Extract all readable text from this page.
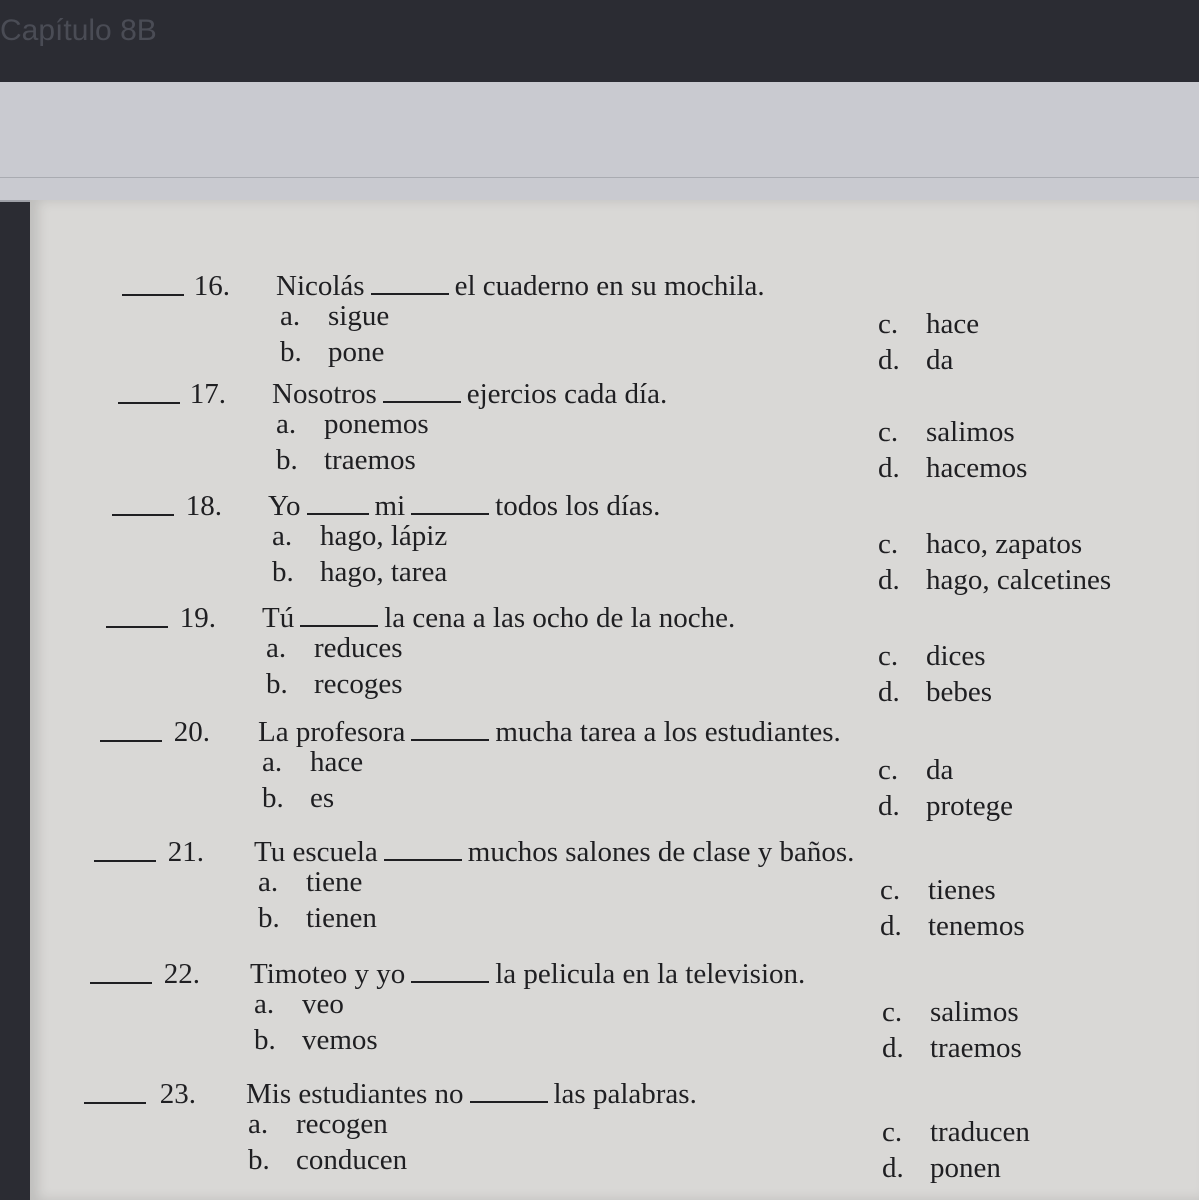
Capítulo 8B
16. Nicolás	el cuaderno en su mochila.
a. sigue
b. pone
c. hace
d. da
17. Nosotros	ejercios cada día.
a. ponemos
b. traemos
c. salimos
d. hacemos
18. Yo	mi	todos los días.
a. hago, lápiz
b. hago, tarea
c. haco, zapatos
d. hago, calcetines
19. Tú	la cena a las ocho de la noche.
a. reduces
b. recoges
c. dices
d. bebes
20. La profesora	mucha tarea a los estudiantes.
a. hace
b. es
c. da
d. protege
21. Tu escuela	muchos salones de clase y baños.
a. tiene
b. tienen
c. tienes
d. tenemos
22. Timoteo y yo	la pelicula en la television.
a. veo
b. vemos
c. salimos
d. traemos
23. Mis estudiantes no	las palabras.
a. recogen
b. conducen
c. traducen
d. ponen
